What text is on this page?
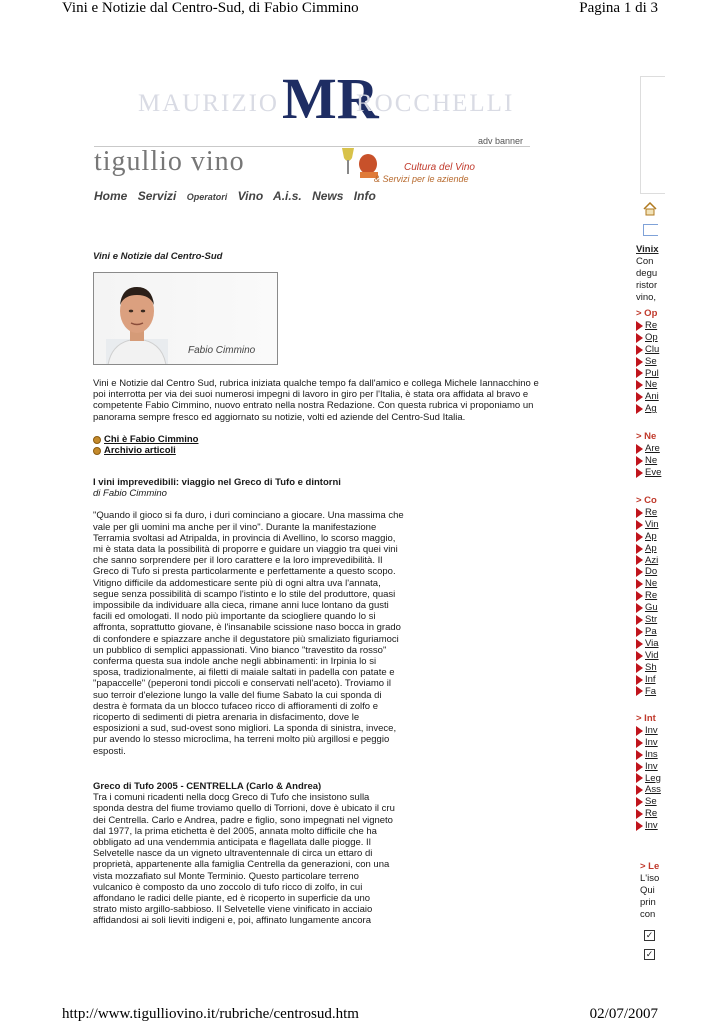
Vini e Notizie dal Centro-Sud, di Fabio Cimmino	Pagina 1 di 3
MAURIZIO MR
ROCCHELLI
adv banner
tigullio vino	Cultura del Vino
& Servizi per le aziende
Home Servizi Operatori Vino A.i.s. News Info
Vini e Notizie dal Centro-Sud
Fabio Cimmino
Vini e Notizie dal Centro Sud, rubrica iniziata qualche tempo fa dall'amico e collega Michele Iannacchino e poi interrotta per via dei suoi numerosi impegni di lavoro in giro per l'Italia, è stata ora affidata al bravo e competente Fabio Cimmino, nuovo entrato nella nostra Redazione. Con questa rubrica vi proponiamo un panorama sempre fresco ed aggiornato su notizie, volti ed aziende del Centro-Sud Italia.
Chi è Fabio Cimmino
Archivio articoli
I vini imprevedibili: viaggio nel Greco di Tufo e dintorni
di Fabio Cimmino
"Quando il gioco si fa duro, i duri cominciano a giocare. Una massima che vale per gli uomini ma anche per il vino". Durante la manifestazione Terramia svoltasi ad Atripalda, in provincia di Avellino, lo scorso maggio, mi è stata data la possibilità di proporre e guidare un viaggio tra quei vini che sanno sorprendere per il loro carattere e la loro imprevedibilità. Il Greco di Tufo si presta particolarmente e perfettamente a questo scopo. Vitigno difficile da addomesticare sente più di ogni altra uva l'annata, segue senza possibilità di scampo l'istinto e lo stile del produttore, quasi impossibile da individuare alla cieca, rimane anni luce lontano da gusti facili ed omologati. Il nodo più importante da sciogliere quando lo si affronta, soprattutto giovane, è l'insanabile scissione naso bocca in grado di confondere e spiazzare anche il degustatore più smaliziato figuriamoci un pubblico di semplici appassionati. Vino bianco "travestito da rosso" conferma questa sua indole anche negli abbinamenti: in Irpinia lo si sposa, tradizionalmente, ai filetti di maiale saltati in padella con patate e "papaccelle" (peperoni tondi piccoli e conservati nell'aceto). Troviamo il suo terroir d'elezione lungo la valle del fiume Sabato la cui sponda di destra è formata da un blocco tufaceo ricco di affioramenti di zolfo e ricoperto di sedimenti di pietra arenaria in disfacimento, dove le esposizioni a sud, sud-ovest sono migliori. La sponda di sinistra, invece, pur avendo lo stesso microclima, ha terreni molto più argillosi e peggio esposti.
Greco di Tufo 2005 - CENTRELLA (Carlo & Andrea)
Tra i comuni ricadenti nella docg Greco di Tufo che insistono sulla sponda destra del fiume troviamo quello di Torrioni, dove è ubicato il cru dei Centrella. Carlo e Andrea, padre e figlio, sono impegnati nel vigneto dal 1977, la prima etichetta è del 2005, annata molto difficile che ha obbligato ad una vendemmia anticipata e flagellata dalle piogge. Il Selvetelle nasce da un vigneto ultraventennale di circa un ettaro di proprietà, appartenente alla famiglia Centrella da generazioni, con una vista mozzafiato sul Monte Terminio. Questo particolare terreno vulcanico è composto da uno zoccolo di tufo ricco di zolfo, in cui affondano le radici delle piante, ed è ricoperto in superficie da uno strato misto argillo-sabbioso. Il Selvetelle viene vinificato in acciaio affidandosi ai soli lieviti indigeni e, poi, affinato lungamente ancora
Vinix
Con
degu
ristor
vino,
> Op
Re
Op
Clu
Se
Pul
Ne
Ani
Ag
> Ne
Are
Ne
Eve
> Co
Re
Vin
Ap
Ap
Azi
Do
Ne
Re
Gu
Str
Pa
Via
Vid
Sh
Inf
Fa
> Int
Inv
Inv
Ins
Inv
Leg
Ass
Se
Re
Inv
> Le
L'iso
Qui
prin
con
✓
✓
http://www.tigulliovino.it/rubriche/centrosud.htm	02/07/2007
